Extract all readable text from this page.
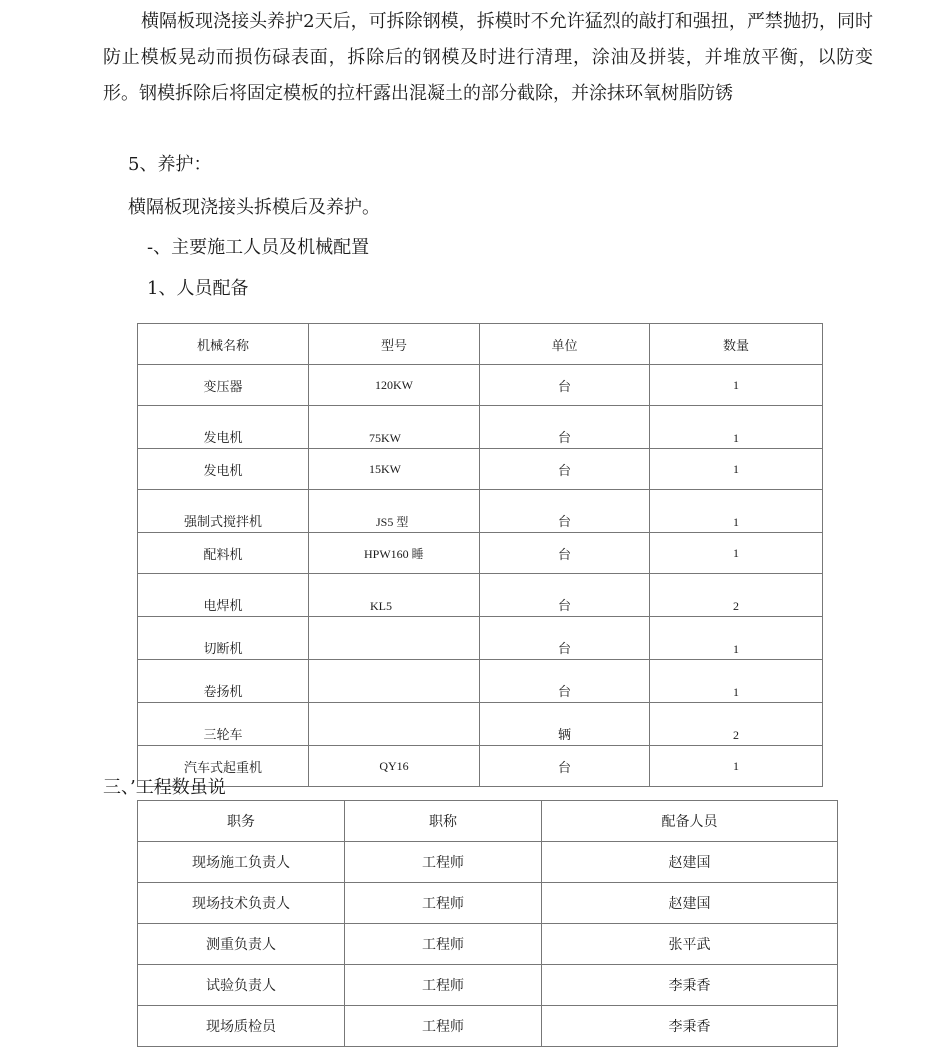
横隔板现浇接头养护2天后，可拆除钢模，拆模时不允许猛烈的敲打和强扭，严禁抛扔，同时防止模板晃动而损伤碌表面，拆除后的钢模及时进行清理，涂油及拼装，并堆放平衡，以防变形。钢模拆除后将固定模板的拉杆露出混凝土的部分截除，并涂抹环氧树脂防锈
5、养护：
横隔板现浇接头拆模后及养护。
-、主要施工人员及机械配置
1、人员配备
机械名称	型号	单位	数量
变压器	120KW	台	1
发电机	75KW	台	1
发电机	15KW	台	1
强制式搅拌机	JS5 型	台	1
配料机	HPW160 睡	台	1
电焊机	KL5	台	2
切断机		台	1
卷扬机		台	1
三轮车		辆	2
汽车式起重机	QY16	台	1
三、’工程数虽说
职务	职称	配备人员
现场施工负责人	工程师	赵建国
现场技术负责人	工程师	赵建国
测重负责人	工程师	张平武
试验负责人	工程师	李秉香
现场质检员	工程师	李秉香
